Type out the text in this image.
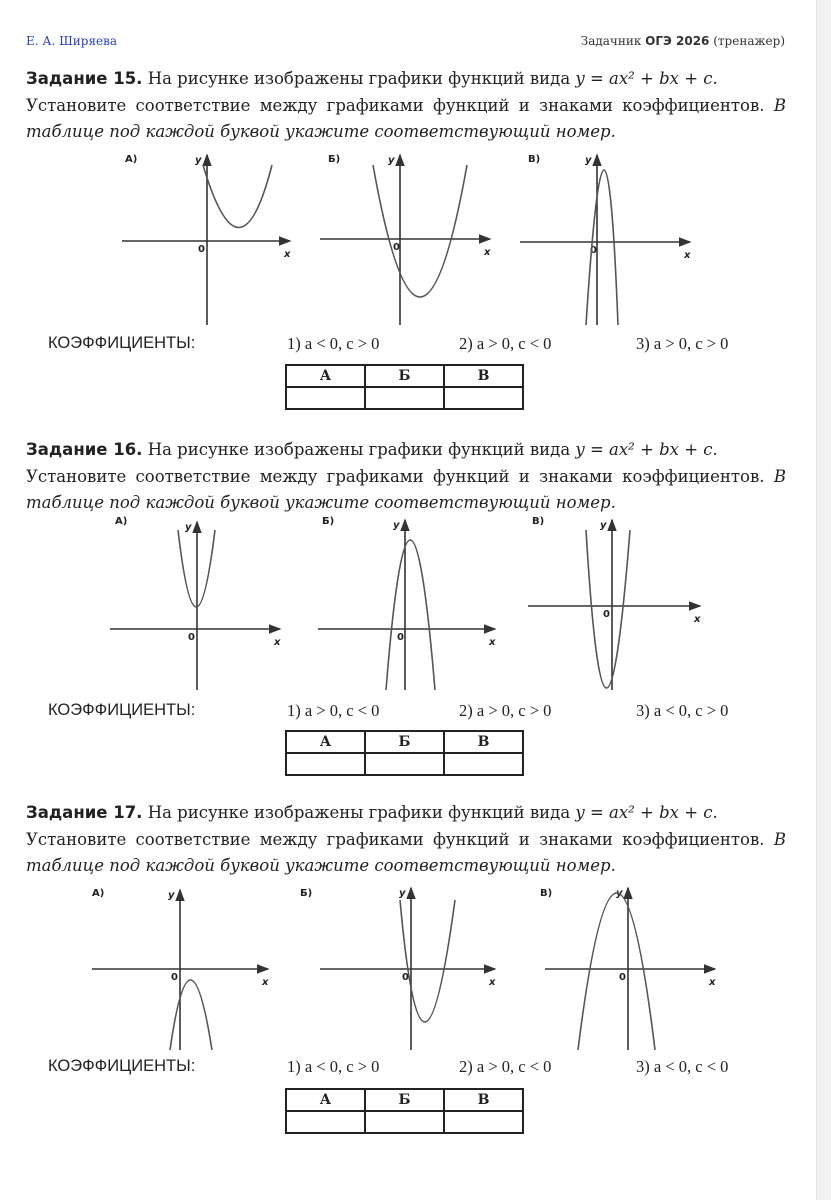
Е. А. Ширяева	Задачник ОГЭ 2026 (тренажер)

Задание 15. На рисунке изображены графики функций вида y = ax² + bx + c.

Установите соответствие между графиками функций и знаками коэффициентов. В таблице под каждой буквой укажите соответствующий номер.

Задание 16. На рисунке изображены графики функций вида y = ax² + bx + c.

Установите соответствие между графиками функций и знаками коэффициентов. В таблице под каждой буквой укажите соответствующий номер.

Задание 17. На рисунке изображены графики функций вида y = ax² + bx + c.

Установите соответствие между графиками функций и знаками коэффициентов. В таблице под каждой буквой укажите соответствующий номер.

КОЭФФИЦИЕНТЫ:	1) a < 0, c > 0	2) a > 0, c < 0	3) a > 0, c > 0
КОЭФФИЦИЕНТЫ:	1) a > 0, c < 0	2) a > 0, c > 0	3) a < 0, c > 0
КОЭФФИЦИЕНТЫ:	1) a < 0, c > 0	2) a > 0, c < 0	3) a < 0, c < 0
А	Б	В

А	Б	В

А	Б	В

А)	y
x
0
Б)	y
x
0
В)	y
x
0
А)
y
x
0
Б)	y
x
0
В)	y
x
0
А)	y
x
0
Б)	y
x
0
В)	y
x
0
